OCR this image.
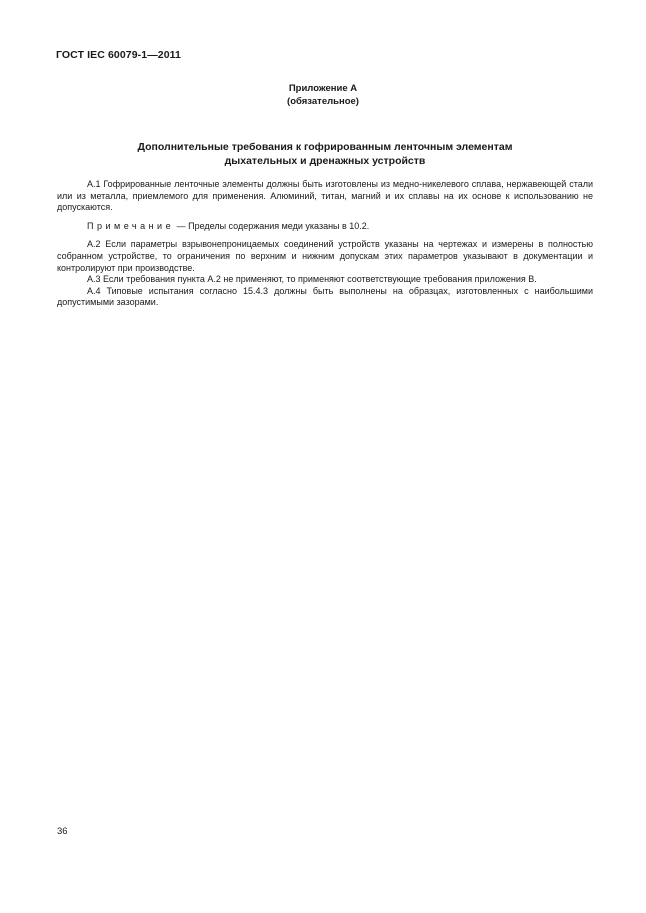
ГОСТ IEC 60079-1—2011
Приложение А
(обязательное)
Дополнительные требования к гофрированным ленточным элементам
дыхательных и дренажных устройств

А.1 Гофрированные ленточные элементы должны быть изготовлены из медно-никелевого сплава, нержавеющей стали или из металла, приемлемого для применения. Алюминий, титан, магний и их сплавы на их основе к использованию не допускаются.

Примечание — Пределы содержания меди указаны в 10.2.

А.2 Если параметры взрывонепроницаемых соединений устройств указаны на чертежах и измерены в полностью собранном устройстве, то ограничения по верхним и нижним допускам этих параметров указывают в документации и контролируют при производстве.

А.3 Если требования пункта А.2 не применяют, то применяют соответствующие требования приложения В.

А.4 Типовые испытания согласно 15.4.3 должны быть выполнены на образцах, изготовленных с наибольшими допустимыми зазорами.

36
